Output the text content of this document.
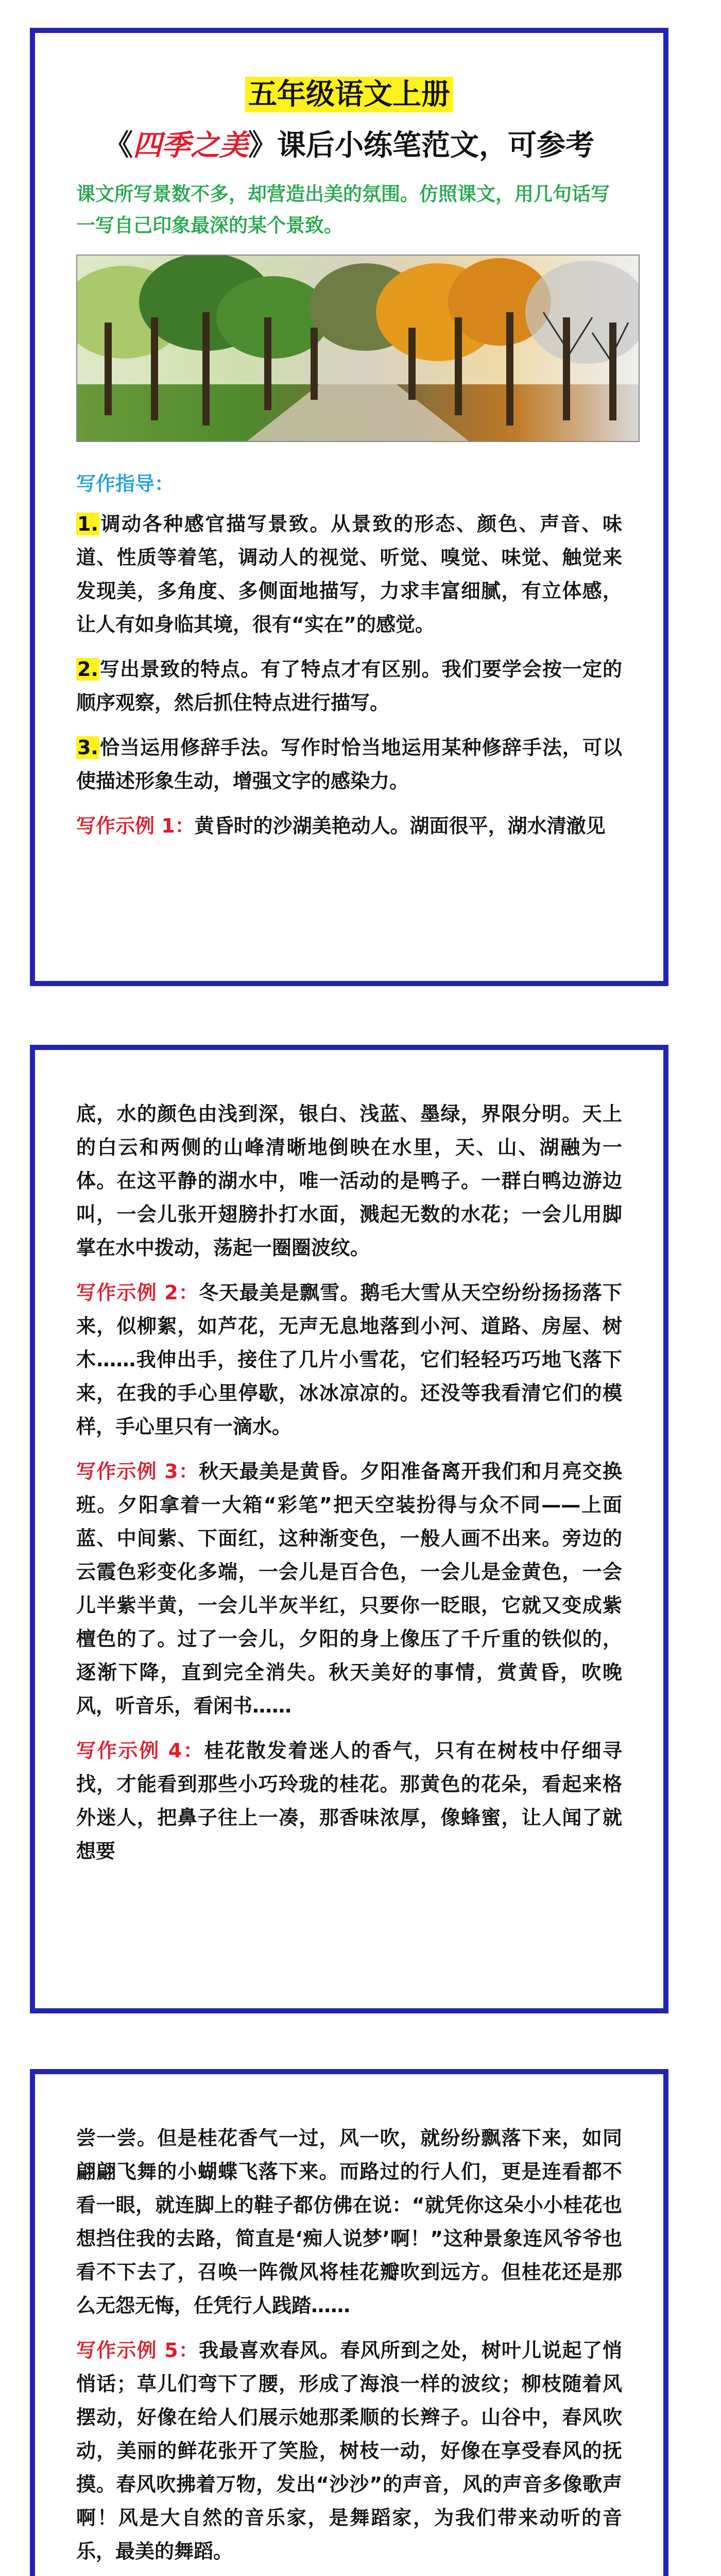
五年级语文上册
《四季之美》课后小练笔范文，可参考
课文所写景数不多，却营造出美的氛围。仿照课文，用几句话写一写自己印象最深的某个景致。
写作指导：
1.调动各种感官描写景致。从景致的形态、颜色、声音、味道、性质等着笔，调动人的视觉、听觉、嗅觉、味觉、触觉来发现美，多角度、多侧面地描写，力求丰富细腻，有立体感，让人有如身临其境，很有“实在”的感觉。
2.写出景致的特点。有了特点才有区别。我们要学会按一定的顺序观察，然后抓住特点进行描写。
3.恰当运用修辞手法。写作时恰当地运用某种修辞手法，可以使描述形象生动，增强文字的感染力。
写作示例 1：黄昏时的沙湖美艳动人。湖面很平，湖水清澈见
底，水的颜色由浅到深，银白、浅蓝、墨绿，界限分明。天上的白云和两侧的山峰清晰地倒映在水里，天、山、湖融为一体。在这平静的湖水中，唯一活动的是鸭子。一群白鸭边游边叫，一会儿张开翅膀扑打水面，溅起无数的水花；一会儿用脚掌在水中拨动，荡起一圈圈波纹。
写作示例 2：冬天最美是飘雪。鹅毛大雪从天空纷纷扬扬落下来，似柳絮，如芦花，无声无息地落到小河、道路、房屋、树木……我伸出手，接住了几片小雪花，它们轻轻巧巧地飞落下来，在我的手心里停歇，冰冰凉凉的。还没等我看清它们的模样，手心里只有一滴水。
写作示例 3：秋天最美是黄昏。夕阳准备离开我们和月亮交换班。夕阳拿着一大箱“彩笔”把天空装扮得与众不同——上面蓝、中间紫、下面红，这种渐变色，一般人画不出来。旁边的云霞色彩变化多端，一会儿是百合色，一会儿是金黄色，一会儿半紫半黄，一会儿半灰半红，只要你一眨眼，它就又变成紫檀色的了。过了一会儿，夕阳的身上像压了千斤重的铁似的，逐渐下降，直到完全消失。秋天美好的事情，赏黄昏，吹晚风，听音乐，看闲书……
写作示例 4：桂花散发着迷人的香气，只有在树枝中仔细寻找，才能看到那些小巧玲珑的桂花。那黄色的花朵，看起来格外迷人，把鼻子往上一凑，那香味浓厚，像蜂蜜，让人闻了就想要
尝一尝。但是桂花香气一过，风一吹，就纷纷飘落下来，如同翩翩飞舞的小蝴蝶飞落下来。而路过的行人们，更是连看都不看一眼，就连脚上的鞋子都仿佛在说：“就凭你这朵小小桂花也想挡住我的去路，简直是‘痴人说梦’啊！”这种景象连风爷爷也看不下去了，召唤一阵微风将桂花瓣吹到远方。但桂花还是那么无怨无悔，任凭行人践踏……
写作示例 5：我最喜欢春风。春风所到之处，树叶儿说起了悄悄话；草儿们弯下了腰，形成了海浪一样的波纹；柳枝随着风摆动，好像在给人们展示她那柔顺的长辫子。山谷中，春风吹动，美丽的鲜花张开了笑脸，树枝一动，好像在享受春风的抚摸。春风吹拂着万物，发出“沙沙”的声音，风的声音多像歌声啊！风是大自然的音乐家，是舞蹈家，为我们带来动听的音乐，最美的舞蹈。
